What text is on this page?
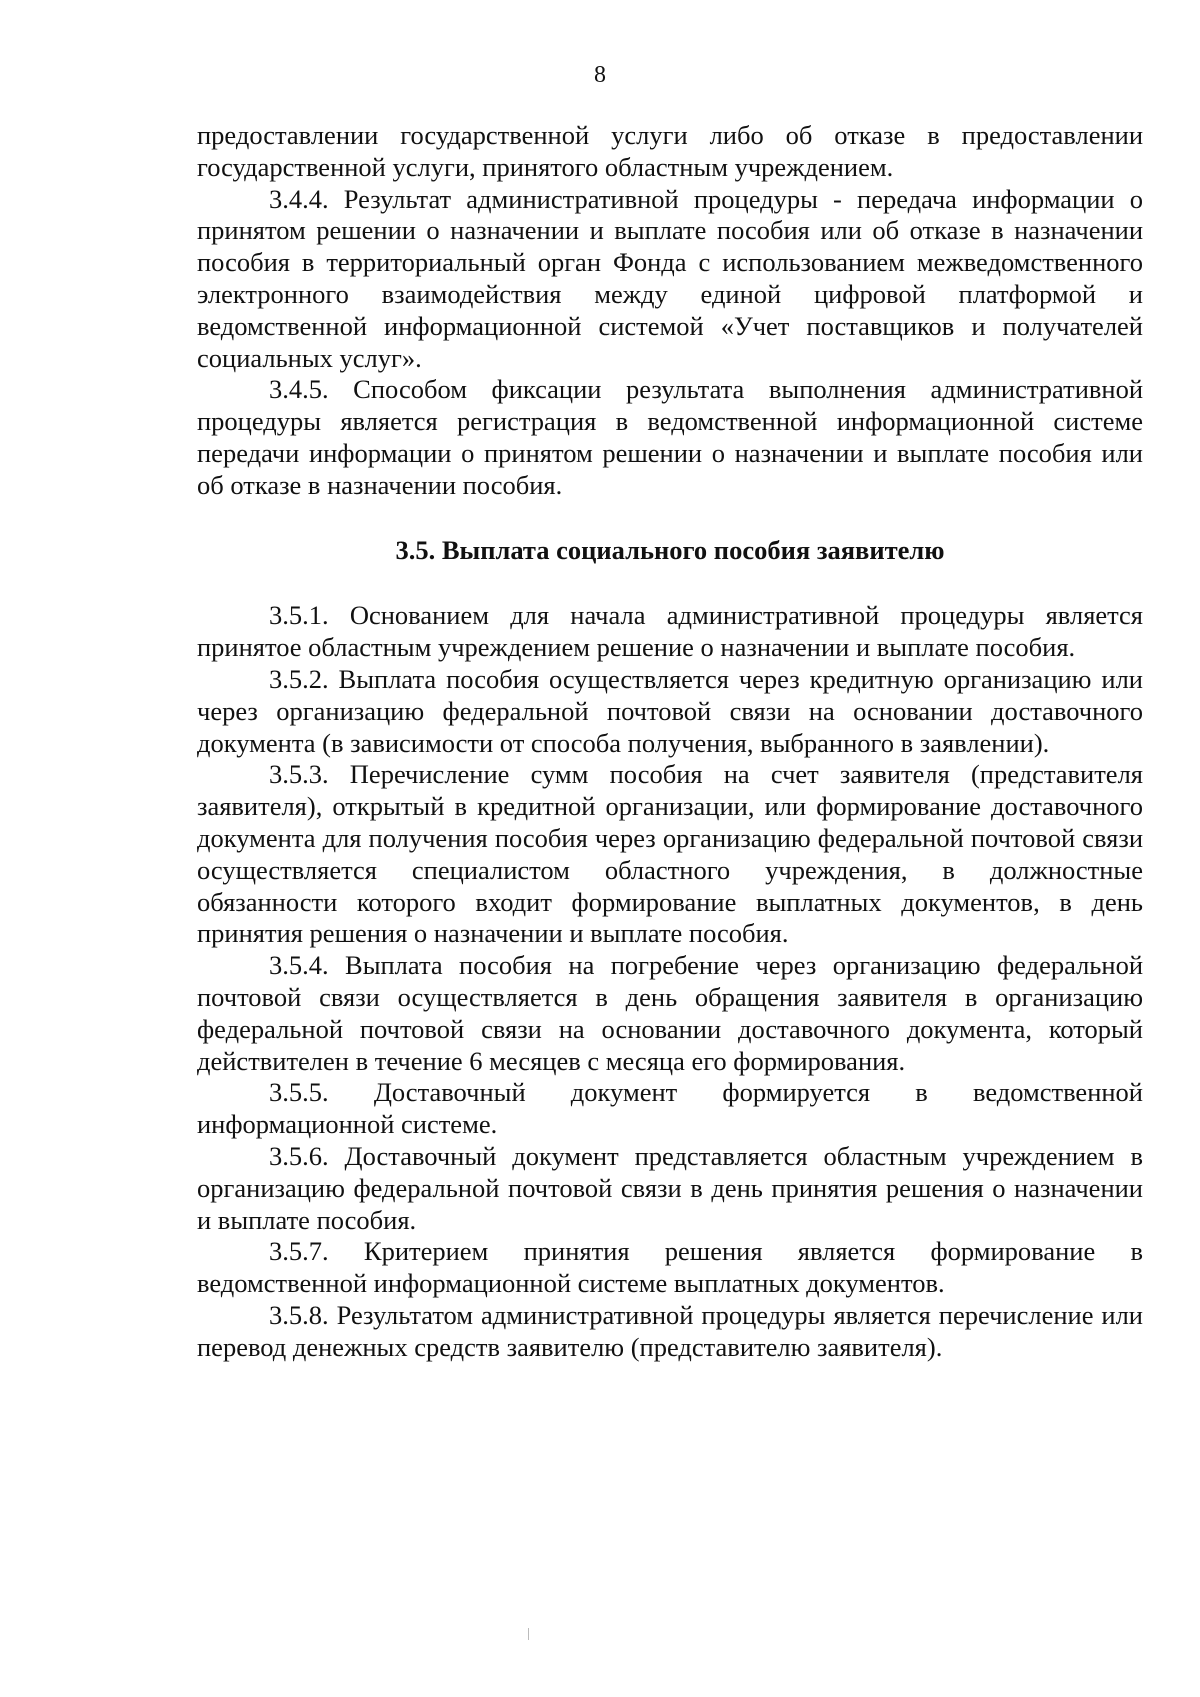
8

предоставлении государственной услуги либо об отказе в предоставлении государственной услуги, принятого областным учреждением.

3.4.4. Результат административной процедуры - передача информации о принятом решении о назначении и выплате пособия или об отказе в назначении пособия в территориальный орган Фонда с использованием межведомственного электронного взаимодействия между единой цифровой платформой и ведомственной информационной системой «Учет поставщиков и получателей социальных услуг».

3.4.5. Способом фиксации результата выполнения административной процедуры является регистрация в ведомственной информационной системе передачи информации о принятом решении о назначении и выплате пособия или об отказе в назначении пособия.

3.5. Выплата социального пособия заявителю

3.5.1. Основанием для начала административной процедуры является принятое областным учреждением решение о назначении и выплате пособия.

3.5.2. Выплата пособия осуществляется через кредитную организацию или через организацию федеральной почтовой связи на основании доставочного документа (в зависимости от способа получения, выбранного в заявлении).

3.5.3. Перечисление сумм пособия на счет заявителя (представителя заявителя), открытый в кредитной организации, или формирование доставочного документа для получения пособия через организацию федеральной почтовой связи осуществляется специалистом областного учреждения, в должностные обязанности которого входит формирование выплатных документов, в день принятия решения о назначении и выплате пособия.

3.5.4. Выплата пособия на погребение через организацию федеральной почтовой связи осуществляется в день обращения заявителя в организацию федеральной почтовой связи на основании доставочного документа, который действителен в течение 6 месяцев с месяца его формирования.

3.5.5. Доставочный документ формируется в ведомственной информационной системе.

3.5.6. Доставочный документ представляется областным учреждением в организацию федеральной почтовой связи в день принятия решения о назначении и выплате пособия.

3.5.7. Критерием принятия решения является формирование в ведомственной информационной системе выплатных документов.

3.5.8. Результатом административной процедуры является перечисление или перевод денежных средств заявителю (представителю заявителя).
